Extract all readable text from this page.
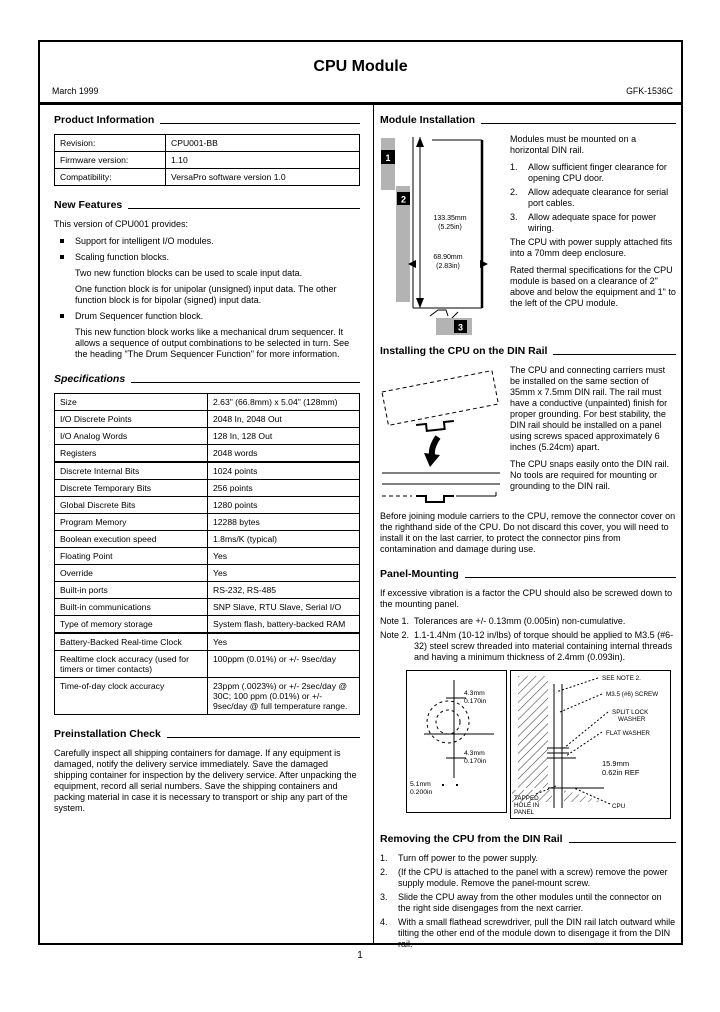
CPU Module
March 1999	GFK-1536C
Product Information
Revision:	CPU001-BB
Firmware version:	1.10
Compatibility:	VersaPro software version 1.0
New Features

This version of CPU001 provides:

Support for intelligent I/O modules.
Scaling function blocks.

Two new function blocks can be used to scale input data.

One function block is for unipolar (unsigned) input data. The other function block is for bipolar (signed) input data.

Drum Sequencer function block.

This new function block works like a mechanical drum sequencer. It allows a sequence of output combinations to be selected in turn. See the heading "The Drum Sequencer Function" for more information.

Specifications
Size	2.63" (66.8mm) x 5.04" (128mm)
I/O Discrete Points	2048 In, 2048 Out
I/O Analog Words	128 In, 128 Out
Registers	2048 words
Discrete Internal Bits	1024 points
Discrete Temporary Bits	256 points
Global Discrete Bits	1280 points
Program Memory	12288 bytes
Boolean execution speed	1.8ms/K (typical)
Floating Point	Yes
Override	Yes
Built-in ports	RS-232, RS-485
Built-in communications	SNP Slave, RTU Slave, Serial I/O
Type of memory storage	System flash, battery-backed RAM
Battery-Backed Real-time Clock	Yes
Realtime clock accuracy (used for timers or timer contacts)	100ppm (0.01%) or +/- 9sec/day
Time-of-day clock accuracy	23ppm (.0023%) or +/- 2sec/day @ 30C; 100 ppm (0.01%) or +/- 9sec/day @ full temperature range.
Preinstallation Check

Carefully inspect all shipping containers for damage. If any equipment is damaged, notify the delivery service immediately. Save the damaged shipping container for inspection by the delivery service. After unpacking the equipment, record all serial numbers. Save the shipping containers and packing material in case it is necessary to transport or ship any part of the system.

Module Installation
1
2
133.35mm
(5.25in)
68.90mm
(2.83in)
3

Modules must be mounted on a horizontal DIN rail.

1.	Allow sufficient finger clearance for opening CPU door.
2.	Allow adequate clearance for serial port cables.
3.	Allow adequate space for power wiring.

The CPU with power supply attached fits into a 70mm deep enclosure.

Rated thermal specifications for the CPU module is based on a clearance of 2" above and below the equipment and 1" to the left of the CPU module.

Installing the CPU on the DIN Rail

The CPU and connecting carriers must be installed on the same section of 35mm x 7.5mm DIN rail. The rail must have a conductive (unpainted) finish for proper grounding. For best stability, the DIN rail should be installed on a panel using screws spaced approximately 6 inches (5.24cm) apart.

The CPU snaps easily onto the DIN rail. No tools are required for mounting or grounding to the DIN rail.

Before joining module carriers to the CPU, remove the connector cover on the righthand side of the CPU. Do not discard this cover, you will need to install it on the last carrier, to protect the connector pins from contamination and damage during use.

Panel-Mounting

If excessive vibration is a factor the CPU should also be screwed down to the mounting panel.

Note 1. Tolerances are +/- 0.13mm (0.005in) non-cumulative.
Note 2. 1.1-1.4Nm (10-12 in/lbs) of torque should be applied to M3.5 (#6-32) steel screw threaded into material containing internal threads and having a minimum thickness of 2.4mm (0.093in).
4.3mm
0.170in
4.3mm
0.170in
5.1mm
0.200in
SEE NOTE 2.
M3.5 (#6) SCREW
SPLIT LOCK
WASHER
FLAT WASHER
15.9mm
0.62in REF
TAPPED
HOLE IN
PANEL
CPU
Removing the CPU from the DIN Rail
1.	Turn off power to the power supply.
2.	(If the CPU is attached to the panel with a screw) remove the power supply module. Remove the panel-mount screw.
3.	Slide the CPU away from the other modules until the connector on the right side disengages from the next carrier.
4.	With a small flathead screwdriver, pull the DIN rail latch outward while tilting the other end of the module down to disengage it from the DIN rail.
1
